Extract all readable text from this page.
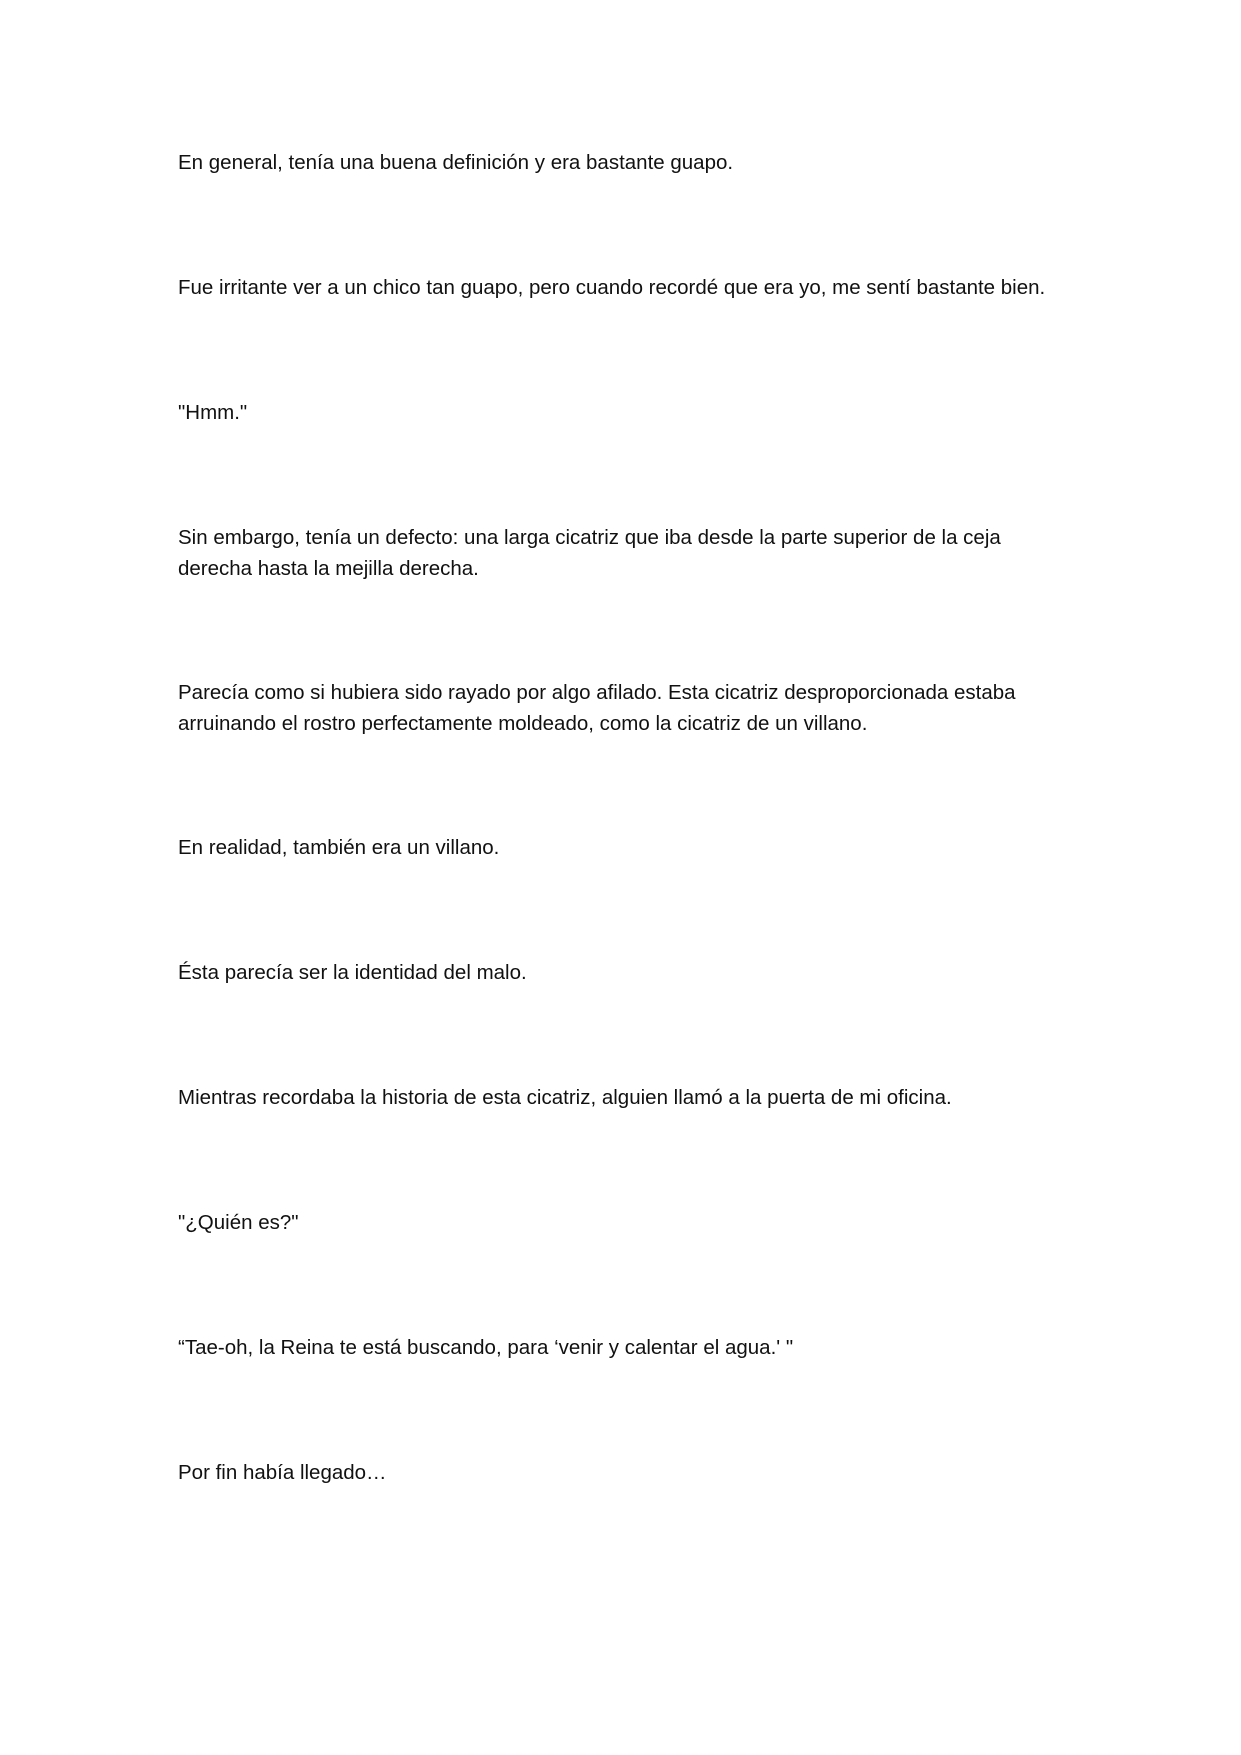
En general, tenía una buena definición y era bastante guapo.

Fue irritante ver a un chico tan guapo, pero cuando recordé que era yo, me sentí bastante bien.

"Hmm."

Sin embargo, tenía un defecto: una larga cicatriz que iba desde la parte superior de la ceja
derecha hasta la mejilla derecha.

Parecía como si hubiera sido rayado por algo afilado. Esta cicatriz desproporcionada estaba
arruinando el rostro perfectamente moldeado, como la cicatriz de un villano.

En realidad, también era un villano.

Ésta parecía ser la identidad del malo.

Mientras recordaba la historia de esta cicatriz, alguien llamó a la puerta de mi oficina.

"¿Quién es?"

“Tae-oh, la Reina te está buscando, para ‘venir y calentar el agua.' "

Por fin había llegado…
